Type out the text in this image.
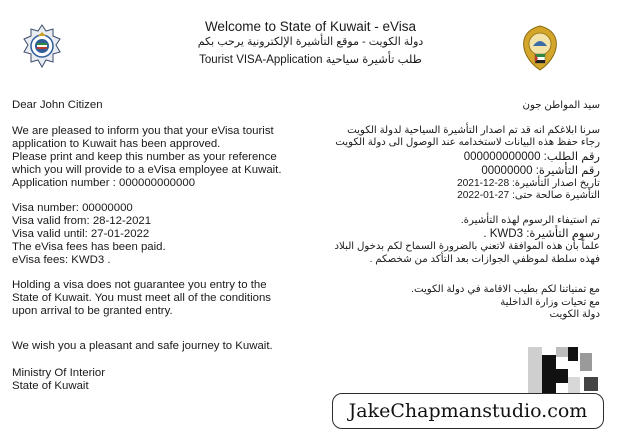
Welcome to State of Kuwait - eVisa
دولة الكويت - موقع التأشيرة الإلكترونية يرحب بكم
Tourist VISA-Application طلب تأشيرة سياحية

Dear John Citizen

We are pleased to inform you that your eVisa tourist

application to Kuwait has been approved.

Please print and keep this number as your reference

which you will provide to a eVisa employee at Kuwait.

Application number : 000000000000

Visa number: 00000000

Visa valid from: 28-12-2021

Visa valid until: 27-01-2022

The eVisa fees has been paid.

eVisa fees: KWD3 .

Holding a visa does not guarantee you entry to the

State of Kuwait. You must meet all of the conditions

upon arrival to be granted entry.

We wish you a pleasant and safe journey to Kuwait.

Ministry Of Interior

State of Kuwait

سيد المواطن جون

سرنا ابلاغكم انه قد تم اصدار التأشيرة السياحية لدولة الكويت

رجاء حفظ هذه البيانات لاستخدامه عند الوصول الى دولة الكويت

رقم الطلب: 000000000000

رقم التأشيرة: 00000000

تاريخ اصدار التأشيرة: 28-12-2021

التأشيرة صالحة حتى: 27-01-2022

تم استيفاء الرسوم لهذه التأشيرة.

رسوم التأشيرة: KWD3 .

علماً بأن هذه الموافقة لاتعني بالضرورة السماح لكم بدخول البلاد

فهذه سلطة لموظفي الجوازات بعد التأكد من شخصكم .

مع تمنياتنا لكم بطيب الاقامة في دولة الكويت.

مع تحيات وزارة الداخلية

دولة الكويت

JakeChapmanstudio.com
